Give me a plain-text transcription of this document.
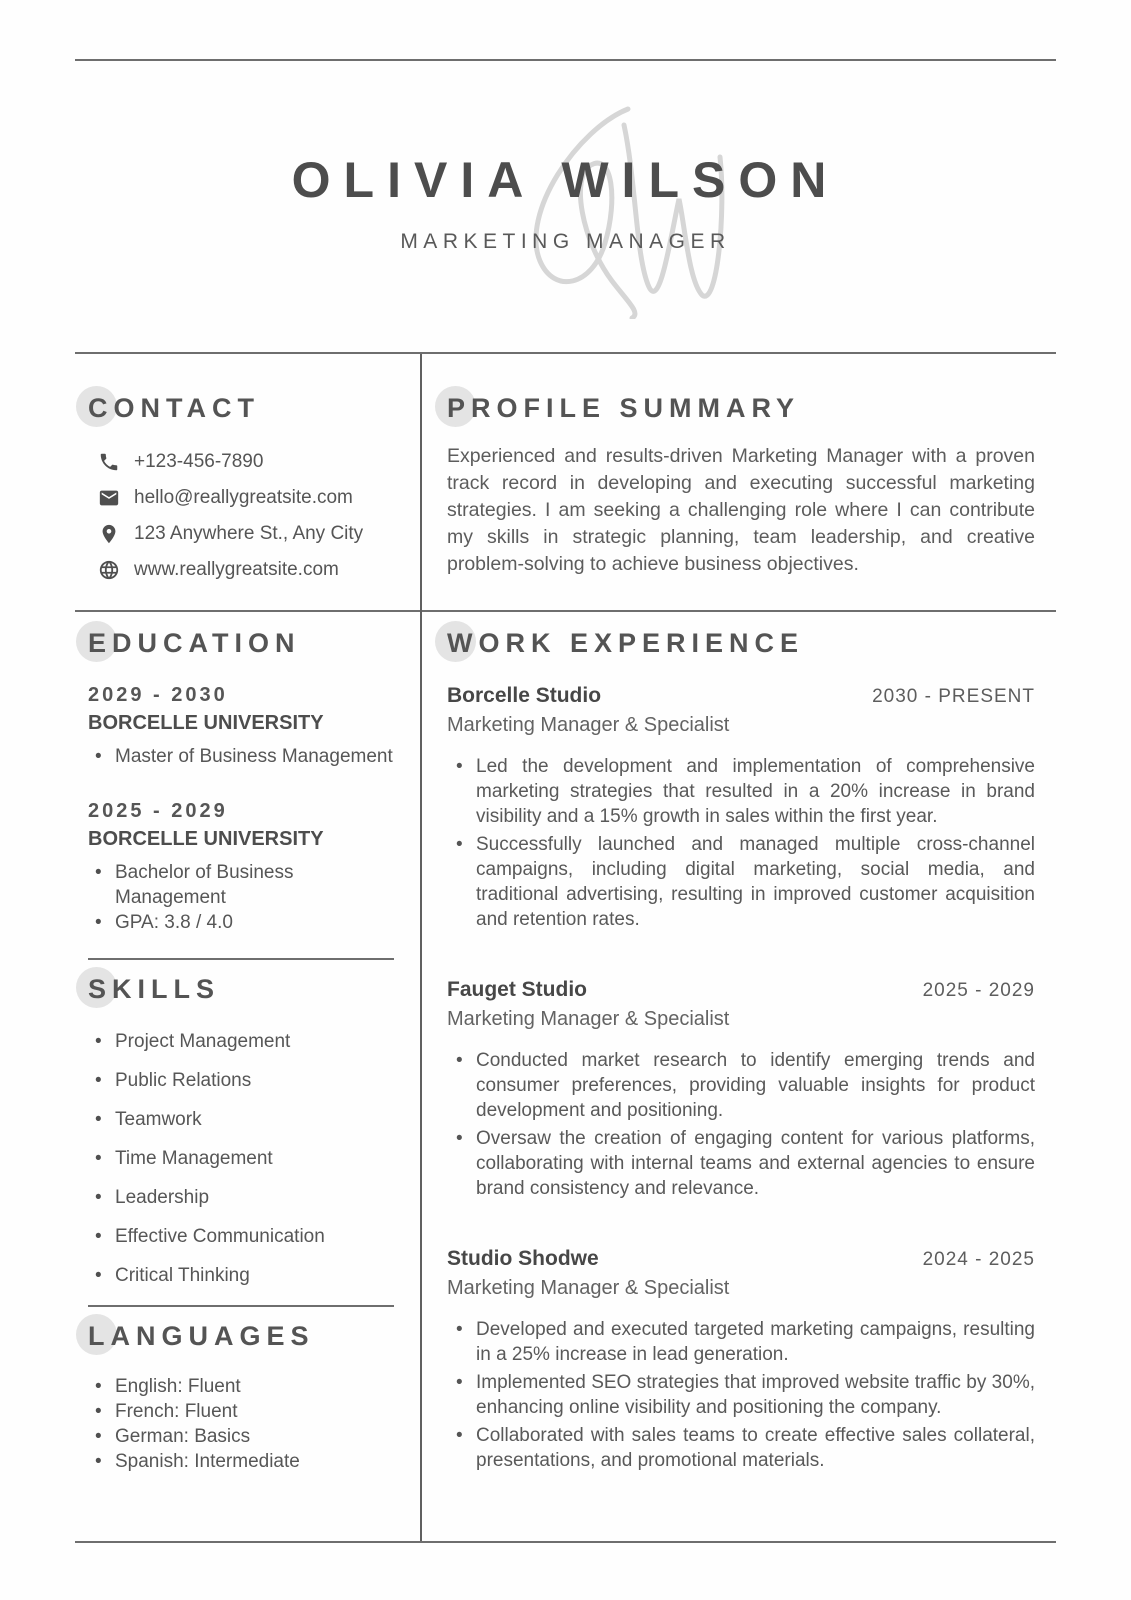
OLIVIA WILSON
MARKETING MANAGER
CONTACT
+123-456-7890
hello@reallygreatsite.com
123 Anywhere St., Any City
www.reallygreatsite.com
PROFILE SUMMARY

Experienced and results-driven Marketing Manager with a proven track record in developing and executing successful marketing strategies. I am seeking a challenging role where I can contribute my skills in strategic planning, team leadership, and creative problem-solving to achieve business objectives.

EDUCATION
2029 - 2030
BORCELLE UNIVERSITY
• Master of Business Management
2025 - 2029
BORCELLE UNIVERSITY
• Bachelor of Business Management
• GPA: 3.8 / 4.0
SKILLS
• Project Management
• Public Relations
• Teamwork
• Time Management
• Leadership
• Effective Communication
• Critical Thinking
LANGUAGES
• English: Fluent
• French: Fluent
• German: Basics
• Spanish: Intermediate
WORK EXPERIENCE
Borcelle Studio	2030 - PRESENT
Marketing Manager & Specialist
• Led the development and implementation of comprehensive marketing strategies that resulted in a 20% increase in brand visibility and a 15% growth in sales within the first year.
• Successfully launched and managed multiple cross-channel campaigns, including digital marketing, social media, and traditional advertising, resulting in improved customer acquisition and retention rates.
Fauget Studio	2025 - 2029
Marketing Manager & Specialist
• Conducted market research to identify emerging trends and consumer preferences, providing valuable insights for product development and positioning.
• Oversaw the creation of engaging content for various platforms, collaborating with internal teams and external agencies to ensure brand consistency and relevance.
Studio Shodwe	2024 - 2025
Marketing Manager & Specialist
• Developed and executed targeted marketing campaigns, resulting in a 25% increase in lead generation.
• Implemented SEO strategies that improved website traffic by 30%, enhancing online visibility and positioning the company.
• Collaborated with sales teams to create effective sales collateral, presentations, and promotional materials.
